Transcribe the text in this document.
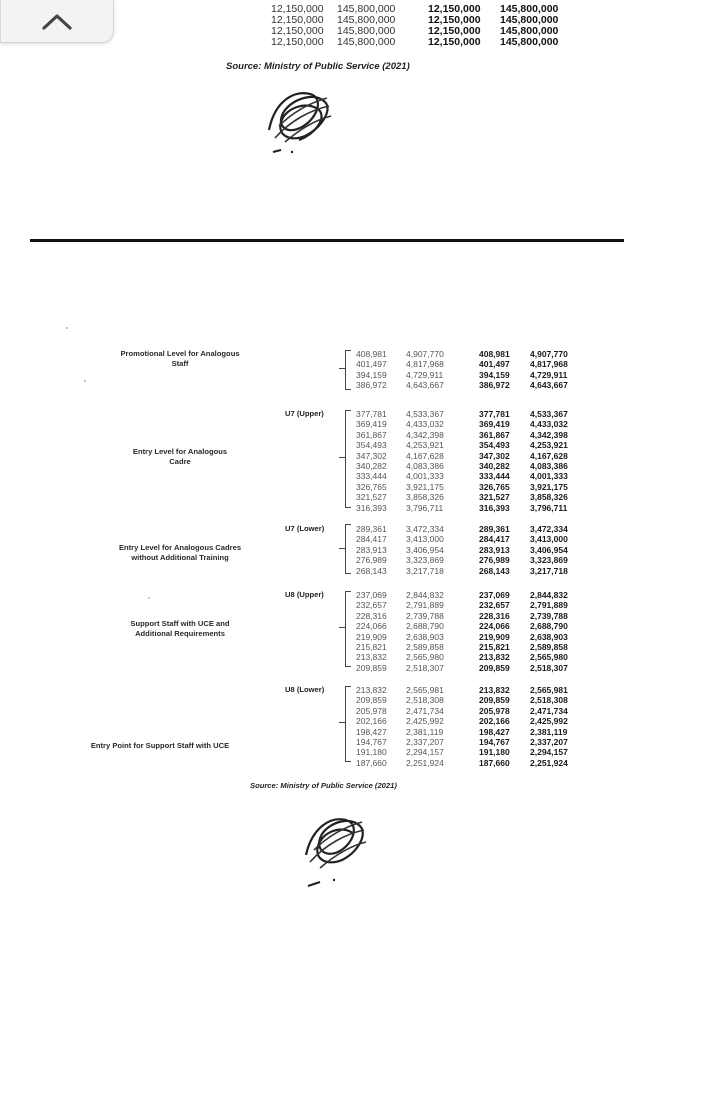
12,150,000
12,150,000
12,150,000
12,150,000
145,800,000
145,800,000
145,800,000
145,800,000
12,150,000
12,150,000
12,150,000
12,150,000
145,800,000
145,800,000
145,800,000
145,800,000
Source: Ministry of Public Service (2021)
Promotional Level for Analogous
Staff
408,981
401,497
394,159
386,972
4,907,770
4,817,968
4,729,911
4,643,667
408,981
401,497
394,159
386,972
4,907,770
4,817,968
4,729,911
4,643,667
U7 (Upper)
Entry Level for Analogous
Cadre
377,781
369,419
361,867
354,493
347,302
340,282
333,444
326,765
321,527
316,393
4,533,367
4,433,032
4,342,398
4,253,921
4,167,628
4,083,386
4,001,333
3,921,175
3,858,326
3,796,711
377,781
369,419
361,867
354,493
347,302
340,282
333,444
326,765
321,527
316,393
4,533,367
4,433,032
4,342,398
4,253,921
4,167,628
4,083,386
4,001,333
3,921,175
3,858,326
3,796,711
U7 (Lower)
Entry Level for Analogous Cadres
without Additional Training
289,361
284,417
283,913
276,989
268,143
3,472,334
3,413,000
3,406,954
3,323,869
3,217,718
289,361
284,417
283,913
276,989
268,143
3,472,334
3,413,000
3,406,954
3,323,869
3,217,718
U8 (Upper)
Support Staff with UCE and
Additional Requirements
237,069
232,657
228,316
224,066
219,909
215,821
213,832
209,859
2,844,832
2,791,889
2,739,788
2,688,790
2,638,903
2,589,858
2,565,980
2,518,307
237,069
232,657
228,316
224,066
219,909
215,821
213,832
209,859
2,844,832
2,791,889
2,739,788
2,688,790
2,638,903
2,589,858
2,565,980
2,518,307
U8 (Lower)
Entry Point for Support Staff with UCE
213,832
209,859
205,978
202,166
198,427
194,767
191,180
187,660
2,565,981
2,518,308
2,471,734
2,425,992
2,381,119
2,337,207
2,294,157
2,251,924
213,832
209,859
205,978
202,166
198,427
194,767
191,180
187,660
2,565,981
2,518,308
2,471,734
2,425,992
2,381,119
2,337,207
2,294,157
2,251,924
Source: Ministry of Public Service (2021)
